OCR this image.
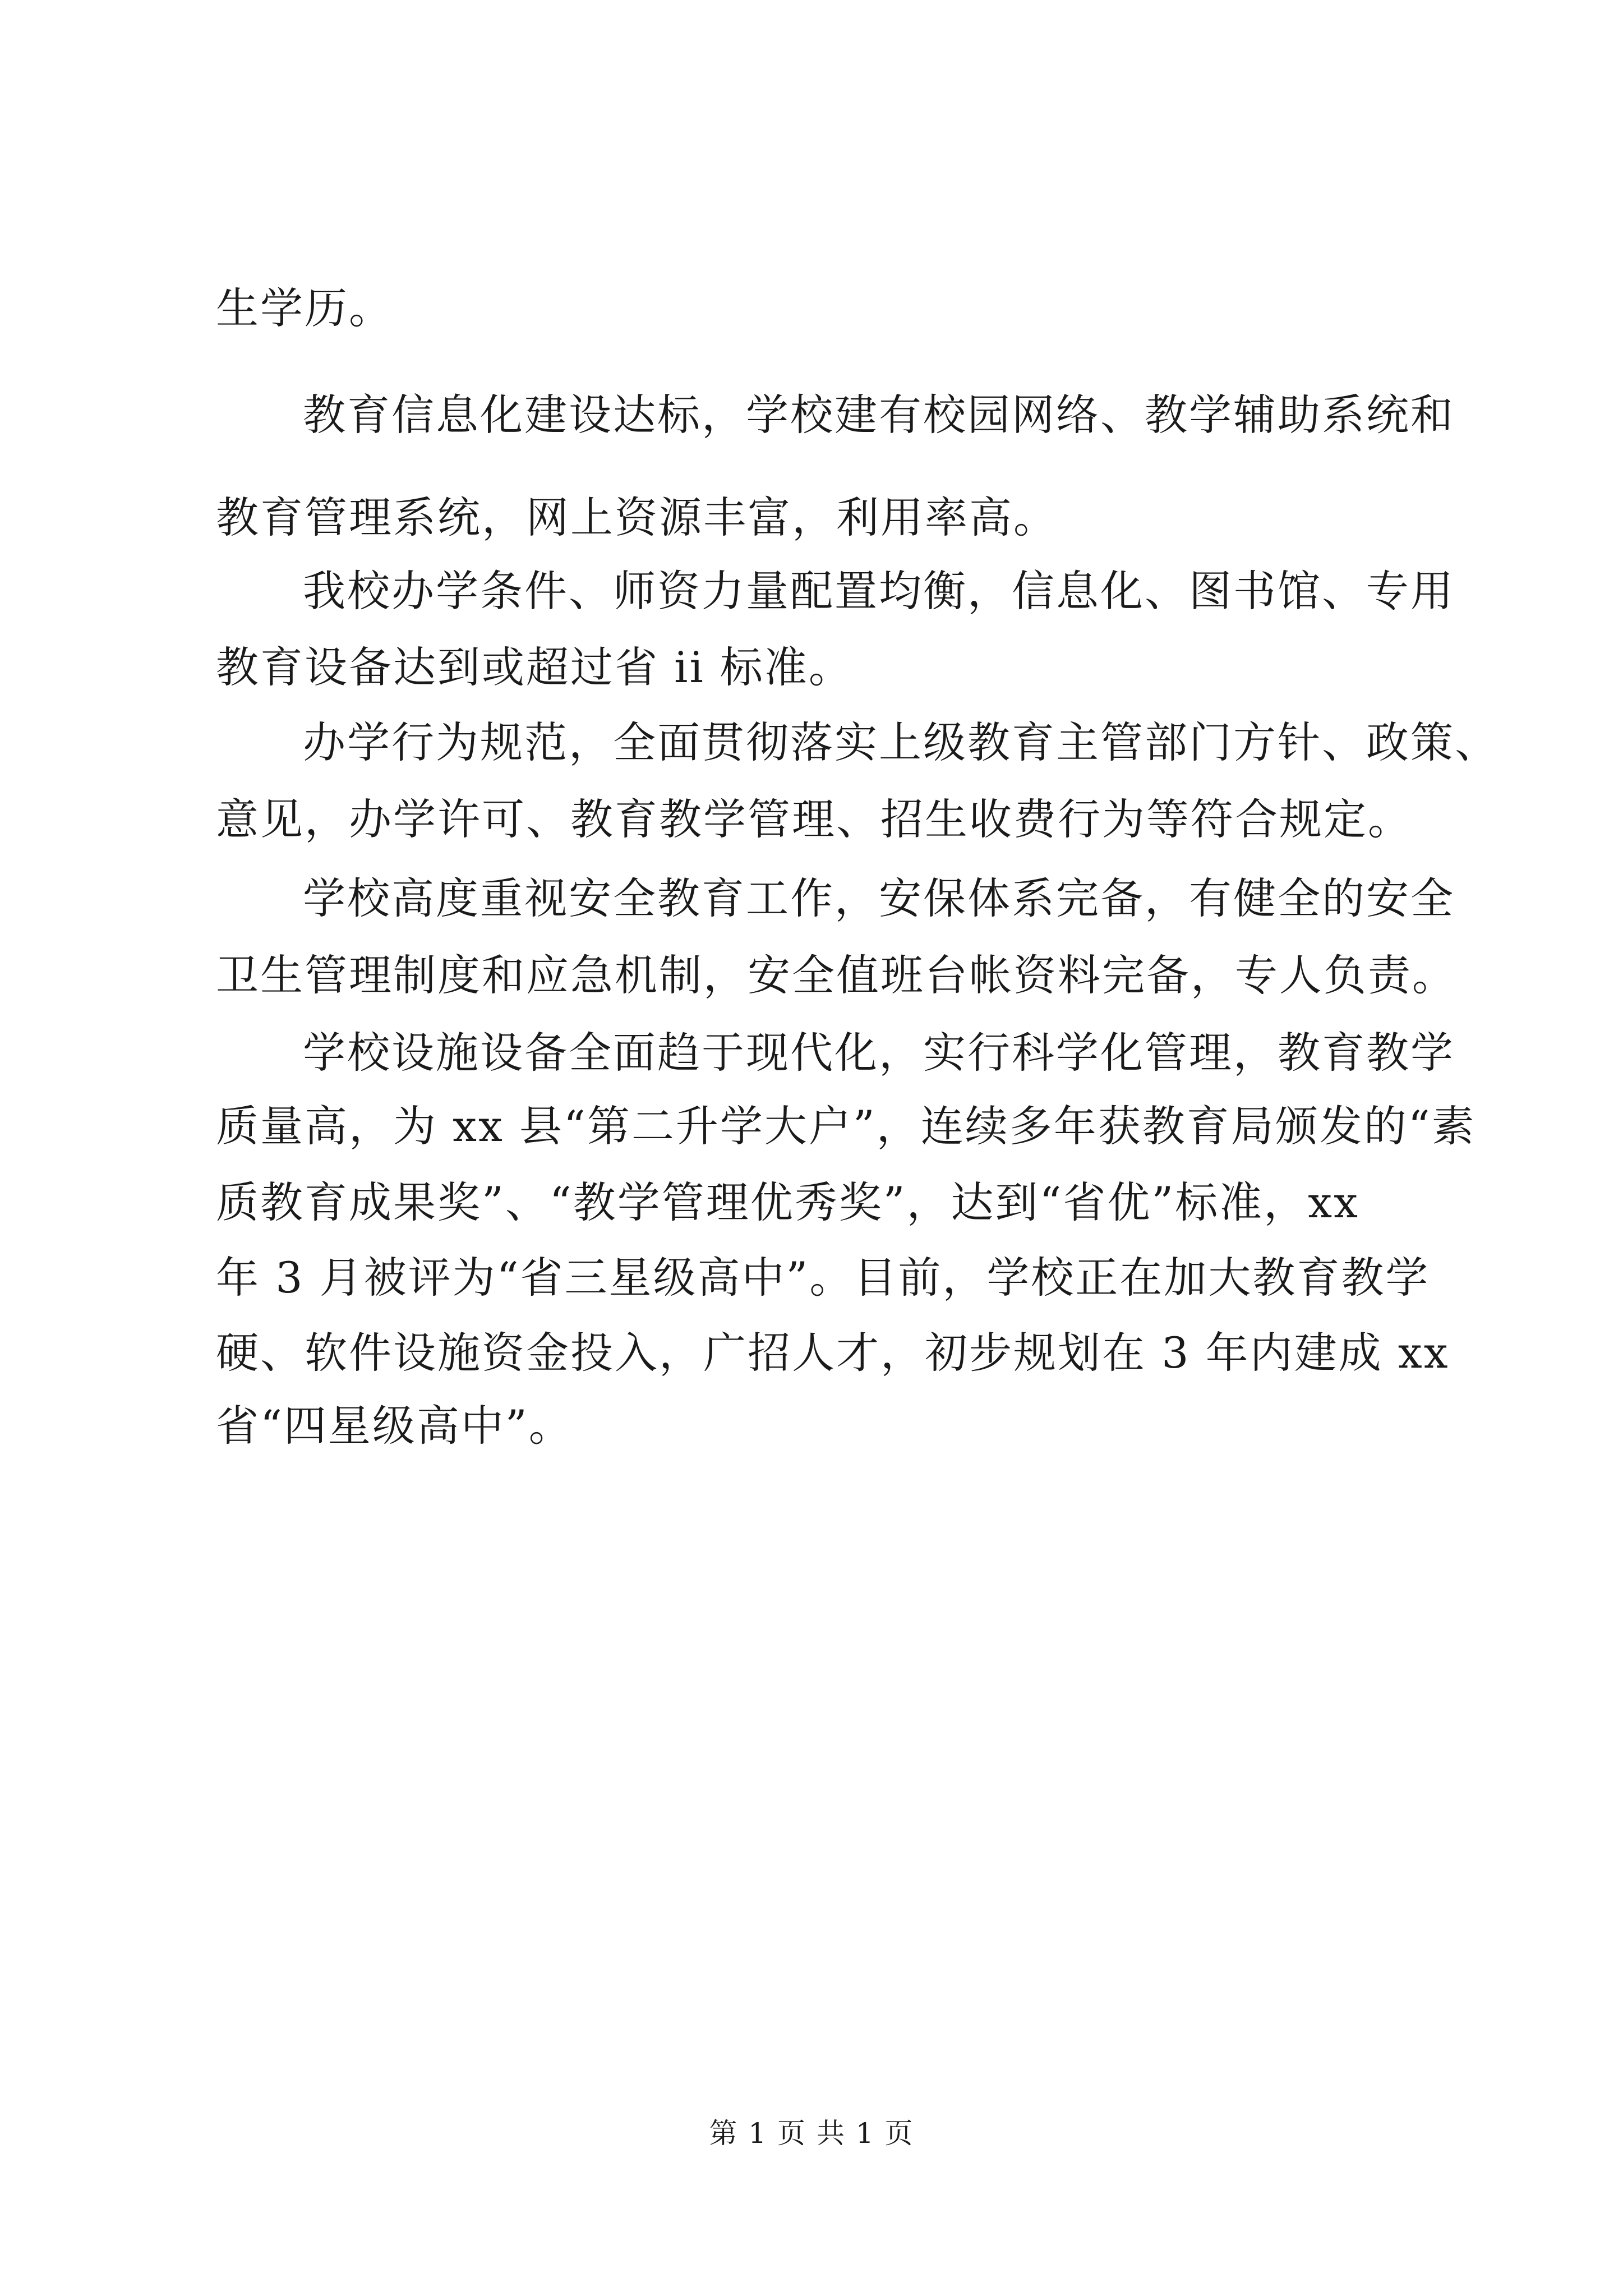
生学历。
教育信息化建设达标，学校建有校园网络、教学辅助系统和
教育管理系统，网上资源丰富，利用率高。
我校办学条件、师资力量配置均衡，信息化、图书馆、专用
教育设备达到或超过省 ii 标准。
办学行为规范，全面贯彻落实上级教育主管部门方针、政策、
意见，办学许可、教育教学管理、招生收费行为等符合规定。
学校高度重视安全教育工作，安保体系完备，有健全的安全
卫生管理制度和应急机制，安全值班台帐资料完备，专人负责。
学校设施设备全面趋于现代化，实行科学化管理，教育教学
质量高，为 xx 县“第二升学大户”，连续多年获教育局颁发的“素
质教育成果奖”、“教学管理优秀奖”，达到“省优”标准，xx
年 3 月被评为“省三星级高中”。目前，学校正在加大教育教学
硬、软件设施资金投入，广招人才，初步规划在 3 年内建成 xx
省“四星级高中”。
第 1 页 共 1 页
